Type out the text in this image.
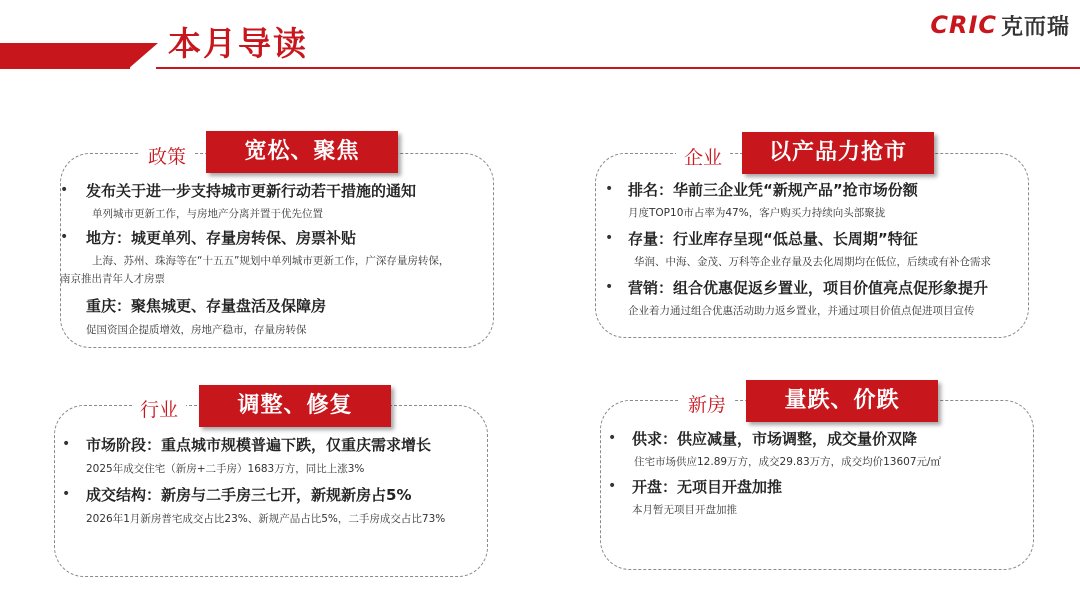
本月导读	CRIC 克而瑞
政策	宽松、聚焦
• 发布关于进一步支持城市更新行动若干措施的通知
单列城市更新工作，与房地产分离并置于优先位置
• 地方：城更单列、存量房转保、房票补贴
上海、苏州、珠海等在“十五五”规划中单列城市更新工作，广深存量房转保，
南京推出青年人才房票
重庆：聚焦城更、存量盘活及保障房
促国资国企提质增效，房地产稳市，存量房转保
企业	以产品力抢市
• 排名：华前三企业凭“新规产品”抢市场份额
月度TOP10市占率为47%，客户购买力持续向头部聚拢
• 存量：行业库存呈现“低总量、长周期”特征
华润、中海、金茂、万科等企业存量及去化周期均在低位，后续或有补仓需求
• 营销：组合优惠促返乡置业，项目价值亮点促形象提升
企业着力通过组合优惠活动助力返乡置业，并通过项目价值点促进项目宣传
行业	调整、修复
• 市场阶段：重点城市规模普遍下跌，仅重庆需求增长
2025年成交住宅（新房+二手房）1683万方，同比上涨3%
• 成交结构：新房与二手房三七开，新规新房占5%
2026年1月新房普宅成交占比23%、新规产品占比5%，二手房成交占比73%
新房	量跌、价跌
• 供求：供应减量，市场调整，成交量价双降
住宅市场供应12.89万方，成交29.83万方，成交均价13607元/㎡
• 开盘：无项目开盘加推
本月暂无项目开盘加推
